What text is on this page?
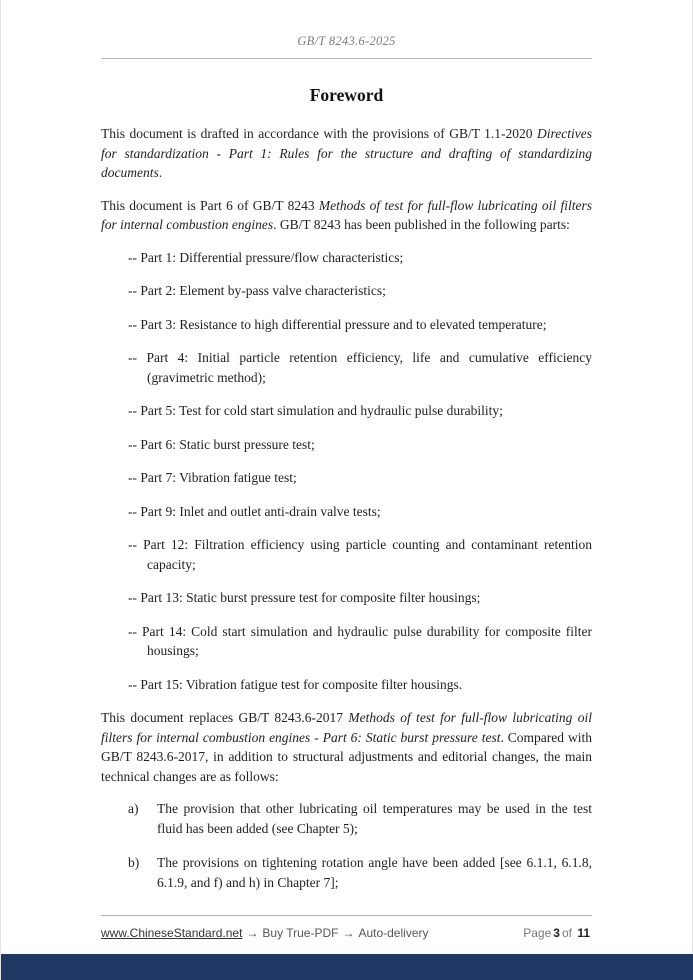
GB/T 8243.6-2025
Foreword

This document is drafted in accordance with the provisions of GB/T 1.1-2020 Directives for standardization - Part 1: Rules for the structure and drafting of standardizing documents.

This document is Part 6 of GB/T 8243 Methods of test for full-flow lubricating oil filters for internal combustion engines. GB/T 8243 has been published in the following parts:

-- Part 1: Differential pressure/flow characteristics;
-- Part 2: Element by-pass valve characteristics;
-- Part 3: Resistance to high differential pressure and to elevated temperature;
-- Part 4: Initial particle retention efficiency, life and cumulative efficiency (gravimetric method);
-- Part 5: Test for cold start simulation and hydraulic pulse durability;
-- Part 6: Static burst pressure test;
-- Part 7: Vibration fatigue test;
-- Part 9: Inlet and outlet anti-drain valve tests;
-- Part 12: Filtration efficiency using particle counting and contaminant retention capacity;
-- Part 13: Static burst pressure test for composite filter housings;
-- Part 14: Cold start simulation and hydraulic pulse durability for composite filter housings;
-- Part 15: Vibration fatigue test for composite filter housings.

This document replaces GB/T 8243.6-2017 Methods of test for full-flow lubricating oil filters for internal combustion engines - Part 6: Static burst pressure test. Compared with GB/T 8243.6-2017, in addition to structural adjustments and editorial changes, the main technical changes are as follows:

a)	The provision that other lubricating oil temperatures may be used in the test fluid has been added (see Chapter 5);
b)	The provisions on tightening rotation angle have been added [see 6.1.1, 6.1.8, 6.1.9, and f) and h) in Chapter 7];
www.ChineseStandard.net → Buy True-PDF → Auto-delivery	Page 3 of 11
